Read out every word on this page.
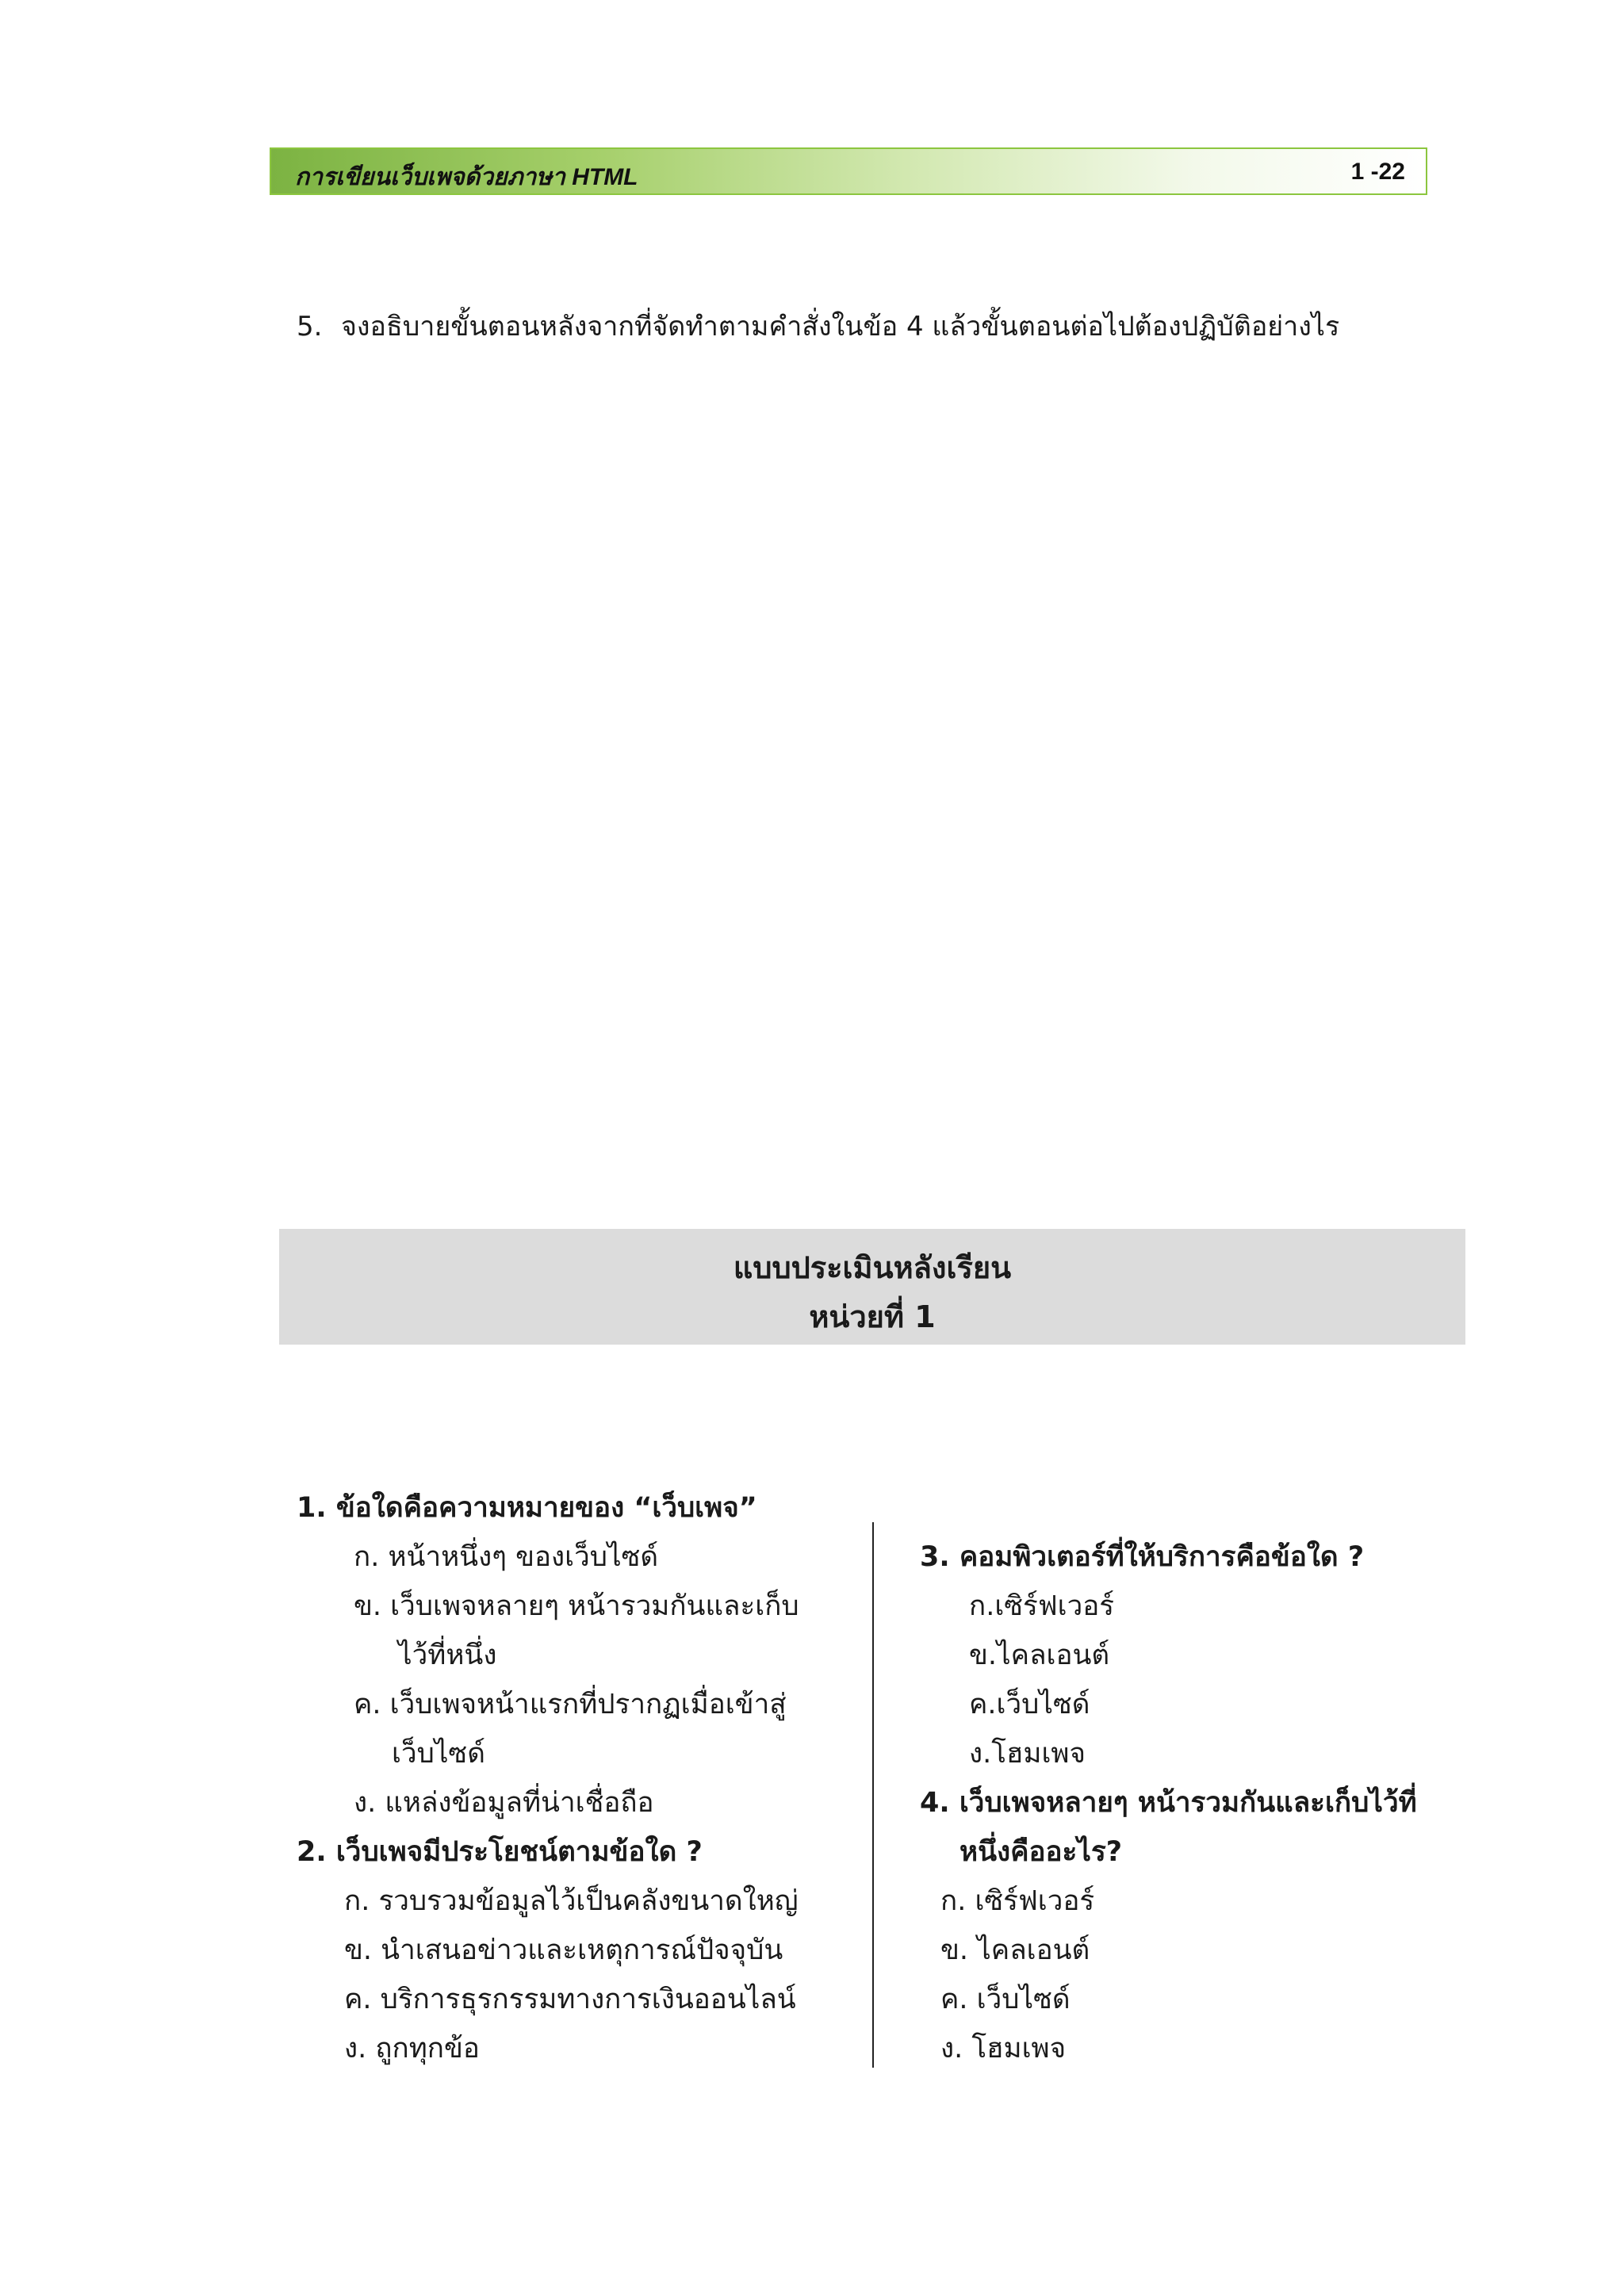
การเขียนเว็บเพจด้วยภาษา HTML	1 -22
5. จงอธิบายขั้นตอนหลังจากที่จัดทำตามคำสั่งในข้อ 4 แล้วขั้นตอนต่อไปต้องปฏิบัติอย่างไร
แบบประเมินหลังเรียน
หน่วยที่ 1
1. ข้อใดคือความหมายของ “เว็บเพจ”
ก. หน้าหนึ่งๆ ของเว็บไซด์
ข. เว็บเพจหลายๆ หน้ารวมกันและเก็บ
ไว้ที่หนึ่ง
ค. เว็บเพจหน้าแรกที่ปรากฏเมื่อเข้าสู่
เว็บไซด์
ง. แหล่งข้อมูลที่น่าเชื่อถือ
2. เว็บเพจมีประโยชน์ตามข้อใด ?
ก. รวบรวมข้อมูลไว้เป็นคลังขนาดใหญ่
ข. นำเสนอข่าวและเหตุการณ์ปัจจุบัน
ค. บริการธุรกรรมทางการเงินออนไลน์
ง. ถูกทุกข้อ
3. คอมพิวเตอร์ที่ให้บริการคือข้อใด ?
ก.เซิร์ฟเวอร์
ข.ไคลเอนต์
ค.เว็บไซด์
ง.โฮมเพจ
4. เว็บเพจหลายๆ หน้ารวมกันและเก็บไว้ที่
หนึ่งคืออะไร?
ก. เซิร์ฟเวอร์
ข. ไคลเอนต์
ค. เว็บไซด์
ง. โฮมเพจ
